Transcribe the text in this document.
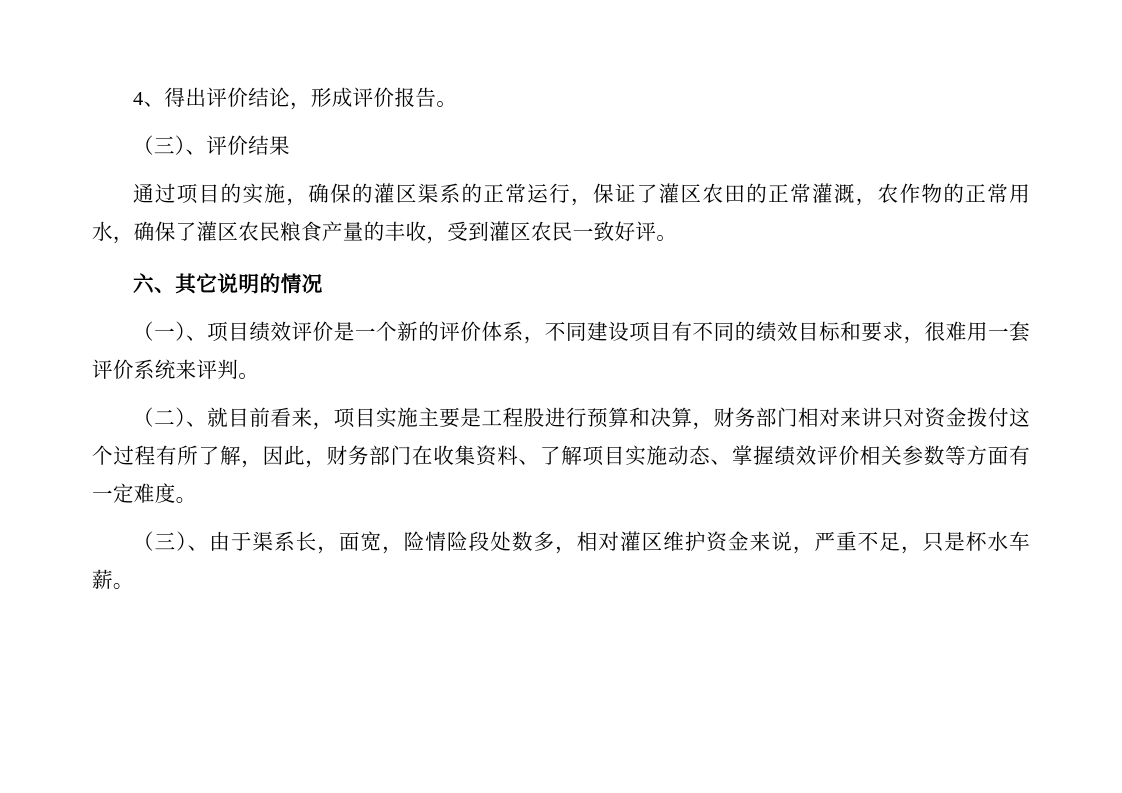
4、得出评价结论，形成评价报告。

（三）、评价结果

通过项目的实施，确保的灌区渠系的正常运行，保证了灌区农田的正常灌溉，农作物的正常用水，确保了灌区农民粮食产量的丰收，受到灌区农民一致好评。

六、其它说明的情况

（一）、项目绩效评价是一个新的评价体系，不同建设项目有不同的绩效目标和要求，很难用一套评价系统来评判。

（二）、就目前看来，项目实施主要是工程股进行预算和决算，财务部门相对来讲只对资金拨付这个过程有所了解，因此，财务部门在收集资料、了解项目实施动态、掌握绩效评价相关参数等方面有一定难度。

（三）、由于渠系长，面宽，险情险段处数多，相对灌区维护资金来说，严重不足，只是杯水车薪。
